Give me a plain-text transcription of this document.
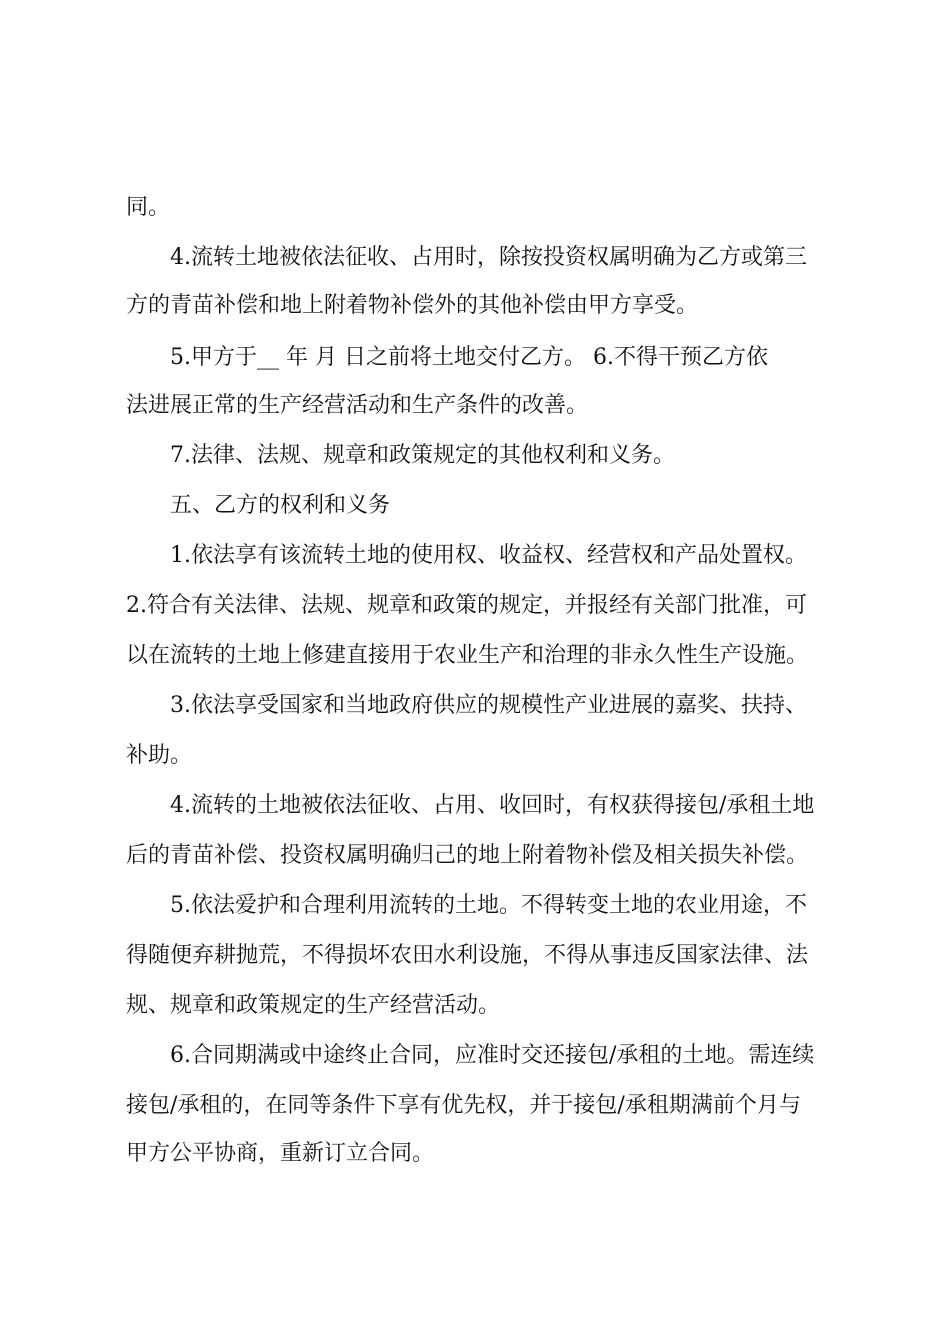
同。
4.流转土地被依法征收、占用时，除按投资权属明确为乙方或第三
方的青苗补偿和地上附着物补偿外的其他补偿由甲方享受。
5.甲方于__ 年 月 日之前将土地交付乙方。 6.不得干预乙方依
法进展正常的生产经营活动和生产条件的改善。
7.法律、法规、规章和政策规定的其他权利和义务。
五、乙方的权利和义务
1.依法享有该流转土地的使用权、收益权、经营权和产品处置权。
2.符合有关法律、法规、规章和政策的规定，并报经有关部门批准，可
以在流转的土地上修建直接用于农业生产和治理的非永久性生产设施。
3.依法享受国家和当地政府供应的规模性产业进展的嘉奖、扶持、
补助。
4.流转的土地被依法征收、占用、收回时，有权获得接包/承租土地
后的青苗补偿、投资权属明确归己的地上附着物补偿及相关损失补偿。
5.依法爱护和合理利用流转的土地。不得转变土地的农业用途，不
得随便弃耕抛荒，不得损坏农田水利设施，不得从事违反国家法律、法
规、规章和政策规定的生产经营活动。
6.合同期满或中途终止合同，应准时交还接包/承租的土地。需连续
接包/承租的，在同等条件下享有优先权，并于接包/承租期满前个月与
甲方公平协商，重新订立合同。
